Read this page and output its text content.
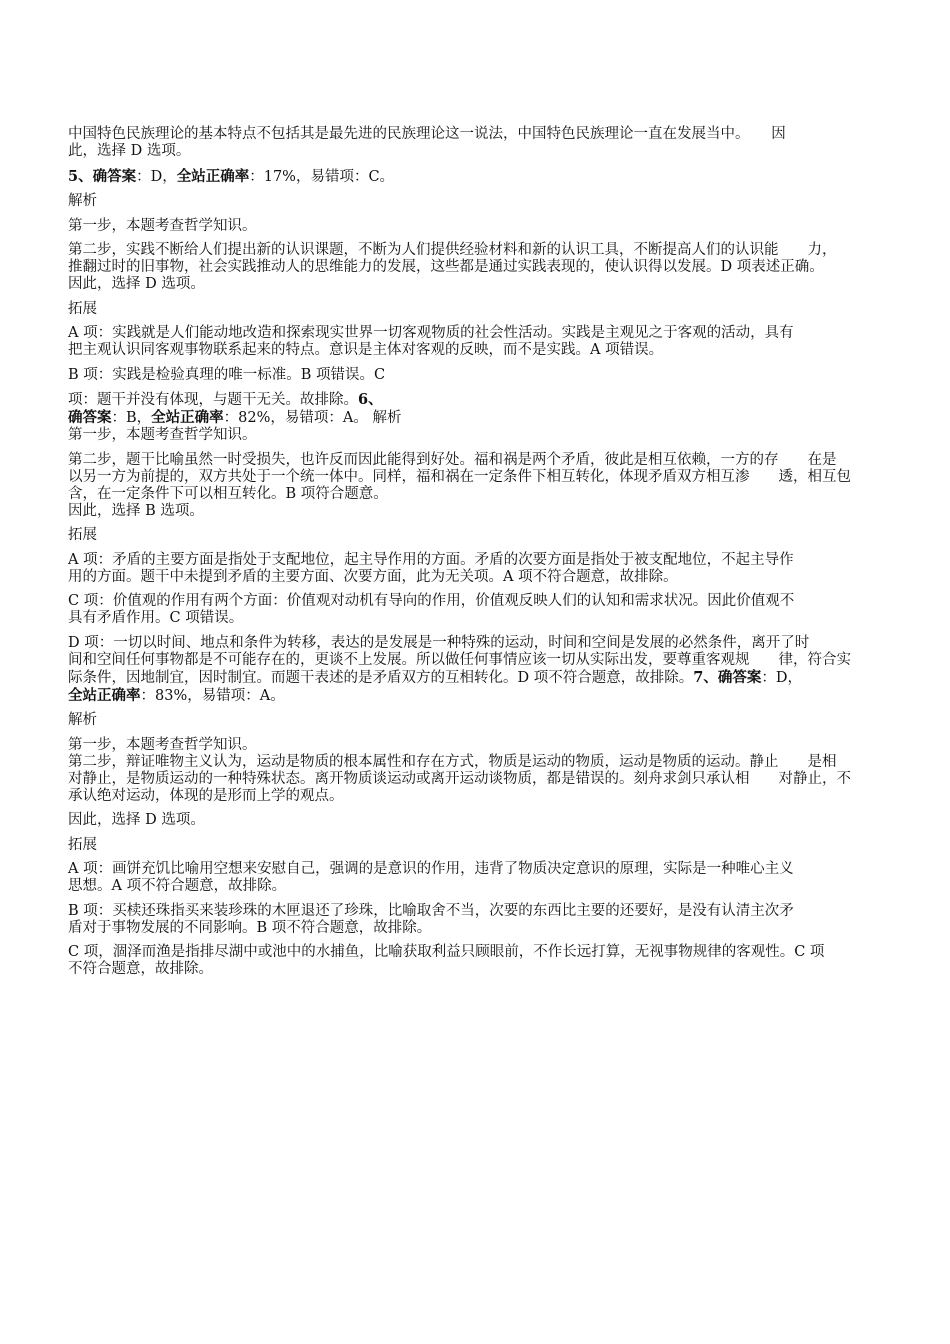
中国特色民族理论的基本特点不包括其是最先进的民族理论这一说法，中国特色民族理论一直在发展当中。　　因
此，选择 D 选项。
5、确答案：D，全站正确率：17%，易错项：C。
解析
第一步，本题考查哲学知识。
第二步，实践不断给人们提出新的认识课题，不断为人们提供经验材料和新的认识工具，不断提高人们的认识能　　力，
推翻过时的旧事物，社会实践推动人的思维能力的发展，这些都是通过实践表现的，使认识得以发展。D 项表述正确。
因此，选择 D 选项。
拓展
A 项：实践就是人们能动地改造和探索现实世界一切客观物质的社会性活动。实践是主观见之于客观的活动，具有
把主观认识同客观事物联系起来的特点。意识是主体对客观的反映，而不是实践。A 项错误。
B 项：实践是检验真理的唯一标准。B 项错误。C
项：题干并没有体现，与题干无关。故排除。6、
确答案：B，全站正确率：82%，易错项：A。 解析
第一步，本题考查哲学知识。
第二步，题干比喻虽然一时受损失，也许反而因此能得到好处。福和祸是两个矛盾，彼此是相互依赖，一方的存　　在是
以另一方为前提的，双方共处于一个统一体中。同样，福和祸在一定条件下相互转化，体现矛盾双方相互渗　　透，相互包
含，在一定条件下可以相互转化。B 项符合题意。
因此，选择 B 选项。
拓展
A 项：矛盾的主要方面是指处于支配地位，起主导作用的方面。矛盾的次要方面是指处于被支配地位，不起主导作
用的方面。题干中未提到矛盾的主要方面、次要方面，此为无关项。A 项不符合题意，故排除。
C 项：价值观的作用有两个方面：价值观对动机有导向的作用，价值观反映人们的认知和需求状况。因此价值观不
具有矛盾作用。C 项错误。
D 项：一切以时间、地点和条件为转移，表达的是发展是一种特殊的运动，时间和空间是发展的必然条件，离开了时
间和空间任何事物都是不可能存在的，更谈不上发展。所以做任何事情应该一切从实际出发，要尊重客观规　　律，符合实
际条件，因地制宜，因时制宜。而题干表述的是矛盾双方的互相转化。D 项不符合题意，故排除。7、确答案：D，
全站正确率：83%，易错项：A。
解析
第一步，本题考查哲学知识。
第二步，辩证唯物主义认为，运动是物质的根本属性和存在方式，物质是运动的物质，运动是物质的运动。静止　　是相
对静止，是物质运动的一种特殊状态。离开物质谈运动或离开运动谈物质，都是错误的。刻舟求剑只承认相　　对静止，不
承认绝对运动，体现的是形而上学的观点。
因此，选择 D 选项。
拓展
A 项：画饼充饥比喻用空想来安慰自己，强调的是意识的作用，违背了物质决定意识的原理，实际是一种唯心主义
思想。A 项不符合题意，故排除。
B 项：买椟还珠指买来装珍珠的木匣退还了珍珠，比喻取舍不当，次要的东西比主要的还要好，是没有认清主次矛
盾对于事物发展的不同影响。B 项不符合题意，故排除。
C 项，涸泽而渔是指排尽湖中或池中的水捕鱼，比喻获取利益只顾眼前，不作长远打算，无视事物规律的客观性。C 项
不符合题意，故排除。
